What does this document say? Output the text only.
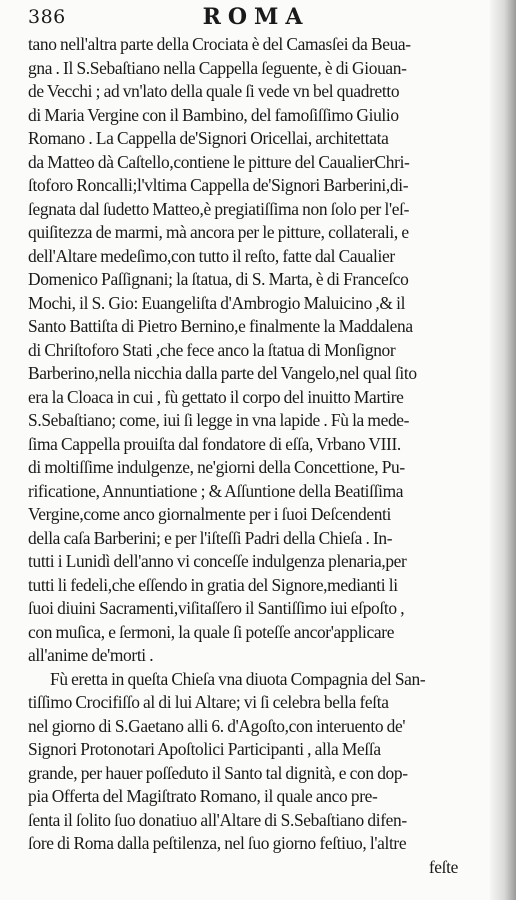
386	ROMA
tano nell'altra parte della Crociata è del Camasſei da Beua-
gna . Il S.Sebaſtiano nella Cappella ſeguente, è di Giouan-
de Vecchi ; ad vn'lato della quale ſi vede vn bel quadretto
di Maria Vergine con il Bambino, del famoſiſſimo Giulio
Romano . La Cappella de'Signori Oricellai, architettata
da Matteo dà Caſtello,contiene le pitture del CaualierChri-
ſtoforo Roncalli;l'vltima Cappella de'Signori Barberini,di-
ſegnata dal ſudetto Matteo,è pregiatiſſima non ſolo per l'eſ-
quiſitezza de marmi, mà ancora per le pitture, collaterali, e
dell'Altare medeſimo,con tutto il reſto, fatte dal Caualier
Domenico Paſſignani; la ſtatua, di S. Marta, è di Franceſco
Mochi, il S. Gio: Euangeliſta d'Ambrogio Maluicino ,& il
Santo Battiſta di Pietro Bernino,e finalmente la Maddalena
di Chriſtoforo Stati ,che fece anco la ſtatua di Monſignor
Barberino,nella nicchia dalla parte del Vangelo,nel qual ſito
era la Cloaca in cui , fù gettato il corpo del inuitto Martire
S.Sebaſtiano; come, iui ſi legge in vna lapide . Fù la mede-
ſima Cappella prouiſta dal fondatore di eſſa, Vrbano VIII.
di moltiſſime indulgenze, ne'giorni della Concettione, Pu-
rificatione, Annuntiatione ; & Aſſuntione della Beatiſſima
Vergine,come anco giornalmente per i ſuoi Deſcendenti
della caſa Barberini; e per l'iſteſſi Padri della Chieſa . In-
tutti i Lunidì dell'anno vi conceſſe indulgenza plenaria,per
tutti li fedeli,che eſſendo in gratia del Signore,medianti li
ſuoi diuini Sacramenti,viſitaſſero il Santiſſimo iui eſpoſto ,
con muſica, e ſermoni, la quale ſi poteſſe ancor'applicare
all'anime de'morti .
Fù eretta in queſta Chieſa vna diuota Compagnia del San-
tiſſimo Crocifiſſo al di lui Altare; vi ſi celebra bella feſta
nel giorno di S.Gaetano alli 6. d'Agoſto,con interuento de'
Signori Protonotari Apoſtolici Participanti , alla Meſſa
grande, per hauer poſſeduto il Santo tal dignità, e con dop-
pia Offerta del Magiſtrato Romano, il quale anco pre-
ſenta il ſolito ſuo donatiuo all'Altare di S.Sebaſtiano difen-
ſore di Roma dalla peſtilenza, nel ſuo giorno feſtiuo, l'altre
feſte
